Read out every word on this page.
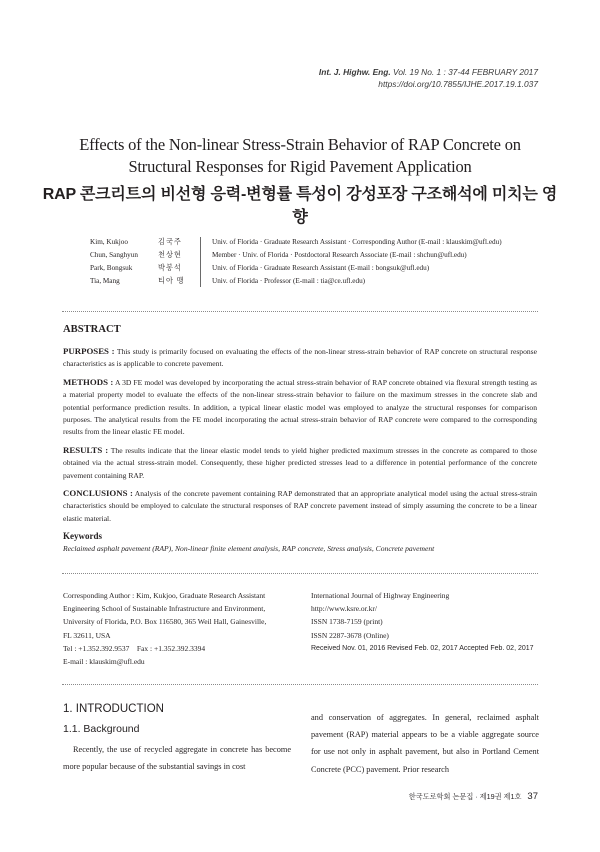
Int. J. Highw. Eng. Vol. 19 No. 1 : 37-44 FEBRUARY 2017
https://doi.org/10.7855/IJHE.2017.19.1.037
Effects of the Non-linear Stress-Strain Behavior of RAP Concrete on
Structural Responses for Rigid Pavement Application
RAP 콘크리트의 비선형 응력-변형률 특성이 강성포장 구조해석에 미치는 영향
Kim, Kukjoo	김국주	Univ. of Florida · Graduate Research Assistant · Corresponding Author (E-mail : klauskim@ufl.edu)
Chun, Sanghyun	천상현	Member · Univ. of Florida · Postdoctoral Research Associate (E-mail : shchun@ufl.edu)
Park, Bongsuk	박봉석	Univ. of Florida · Graduate Research Assistant (E-mail : bongsuk@ufl.edu)
Tia, Mang	티아 맹	Univ. of Florida · Professor (E-mail : tia@ce.ufl.edu)
ABSTRACT

PURPOSES : This study is primarily focused on evaluating the effects of the non-linear stress-strain behavior of RAP concrete on structural response characteristics as is applicable to concrete pavement.

METHODS : A 3D FE model was developed by incorporating the actual stress-strain behavior of RAP concrete obtained via flexural strength testing as a material property model to evaluate the effects of the non-linear stress-strain behavior to failure on the maximum stresses in the concrete slab and potential performance prediction results. In addition, a typical linear elastic model was employed to analyze the structural responses for comparison purposes. The analytical results from the FE model incorporating the actual stress-strain behavior of RAP concrete were compared to the corresponding results from the linear elastic FE model.

RESULTS : The results indicate that the linear elastic model tends to yield higher predicted maximum stresses in the concrete as compared to those obtained via the actual stress-strain model. Consequently, these higher predicted stresses lead to a difference in potential performance of the concrete pavement containing RAP.

CONCLUSIONS : Analysis of the concrete pavement containing RAP demonstrated that an appropriate analytical model using the actual stress-strain characteristics should be employed to calculate the structural responses of RAP concrete pavement instead of simply assuming the concrete to be a linear elastic material.

Keywords
Reclaimed asphalt pavement (RAP), Non-linear finite element analysis, RAP concrete, Stress analysis, Concrete pavement
Corresponding Author : Kim, Kukjoo, Graduate Research Assistant
Engineering School of Sustainable Infrastructure and Environment,
University of Florida, P.O. Box 116580, 365 Weil Hall, Gainesville,
FL 32611, USA
Tel : +1.352.392.9537    Fax : +1.352.392.3394
E-mail : klauskim@ufl.edu
International Journal of Highway Engineering
http://www.ksre.or.kr/
ISSN 1738-7159 (print)
ISSN 2287-3678 (Online)
Received Nov. 01, 2016 Revised Feb. 02, 2017 Accepted Feb. 02, 2017
1. INTRODUCTION
1.1. Background
Recently, the use of recycled aggregate in concrete has become more popular because of the substantial savings in cost
and conservation of aggregates. In general, reclaimed asphalt pavement (RAP) material appears to be a viable aggregate source for use not only in asphalt pavement, but also in Portland Cement Concrete (PCC) pavement. Prior research
한국도로학회 논문집 · 제19권 제1호 37
